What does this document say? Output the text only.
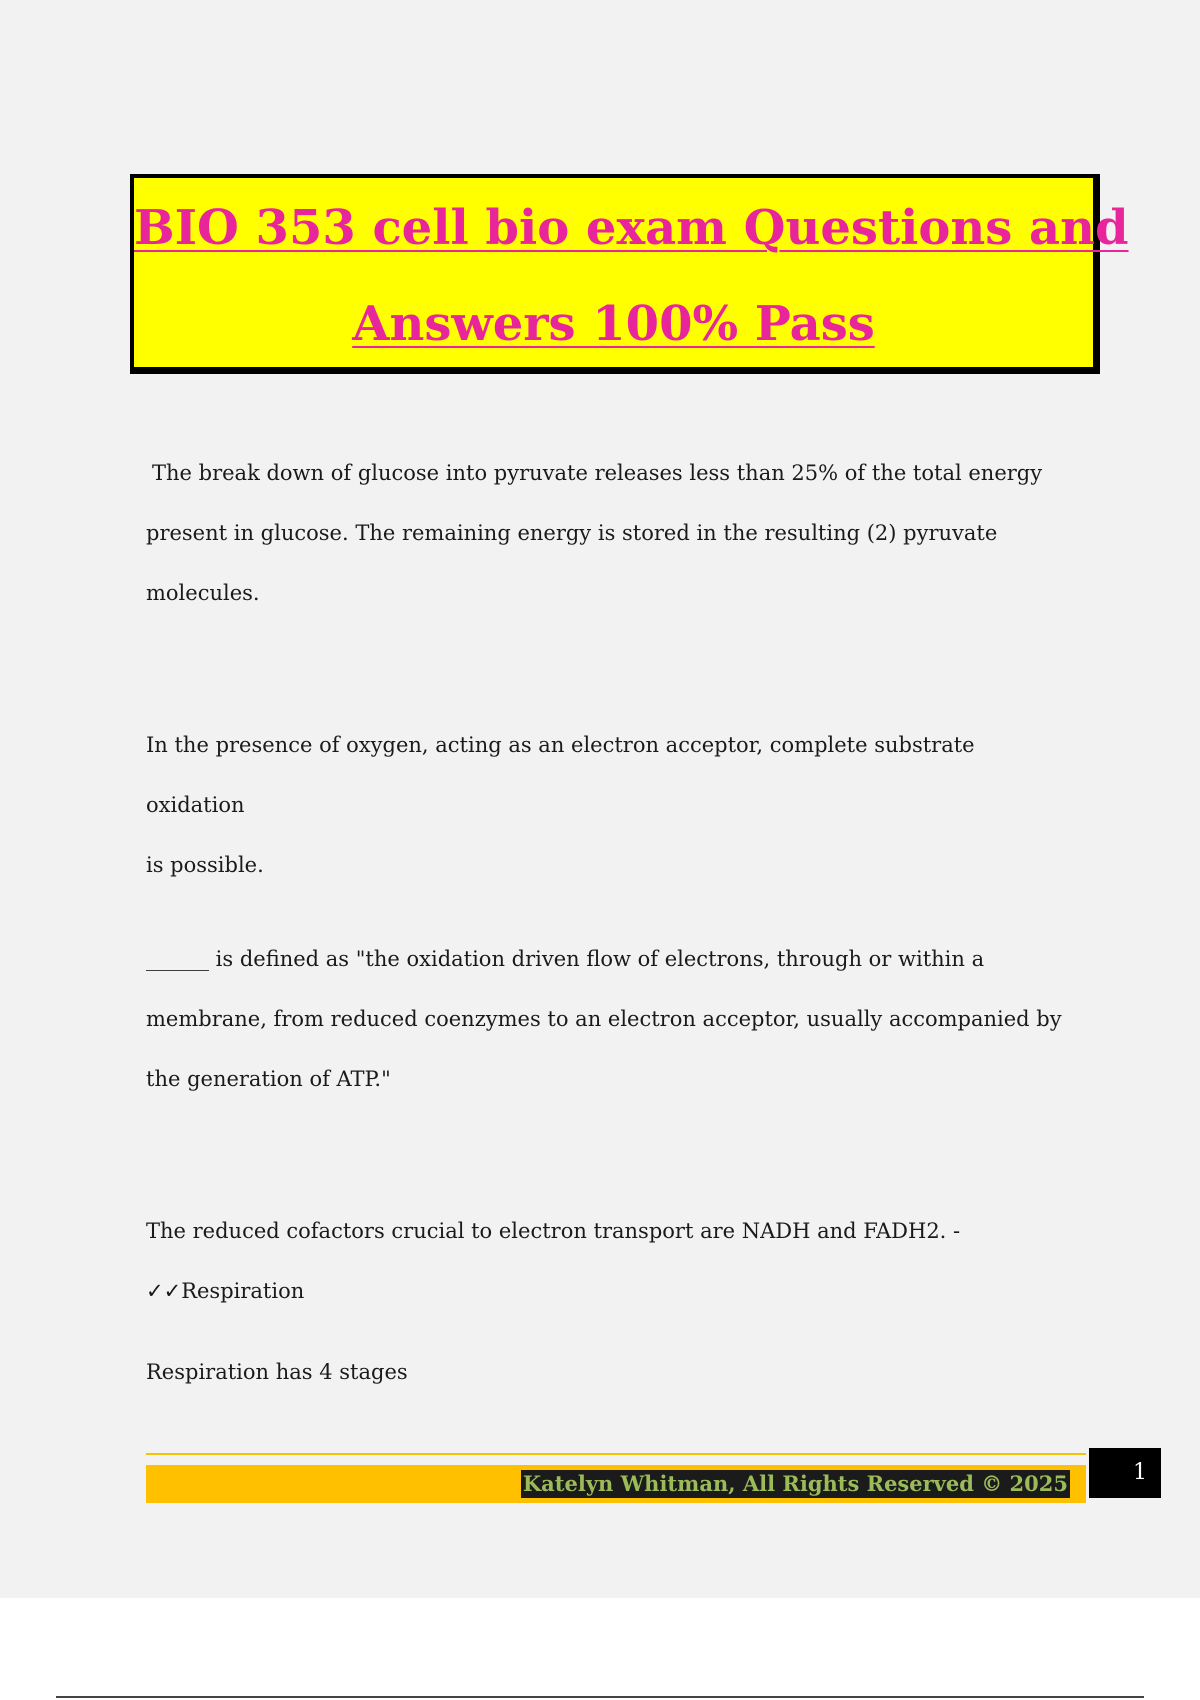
BIO 353 cell bio exam Questions and
Answers 100% Pass
The break down of glucose into pyruvate releases less than 25% of the total energy
present in glucose. The remaining energy is stored in the resulting (2) pyruvate
molecules.
In the presence of oxygen, acting as an electron acceptor, complete substrate oxidation
is possible.
______ is defined as "the oxidation driven flow of electrons, through or within a
membrane, from reduced coenzymes to an electron acceptor, usually accompanied by
the generation of ATP."
The reduced cofactors crucial to electron transport are NADH and FADH2. -
✓✓Respiration
Respiration has 4 stages
Katelyn Whitman, All Rights Reserved © 2025	1
